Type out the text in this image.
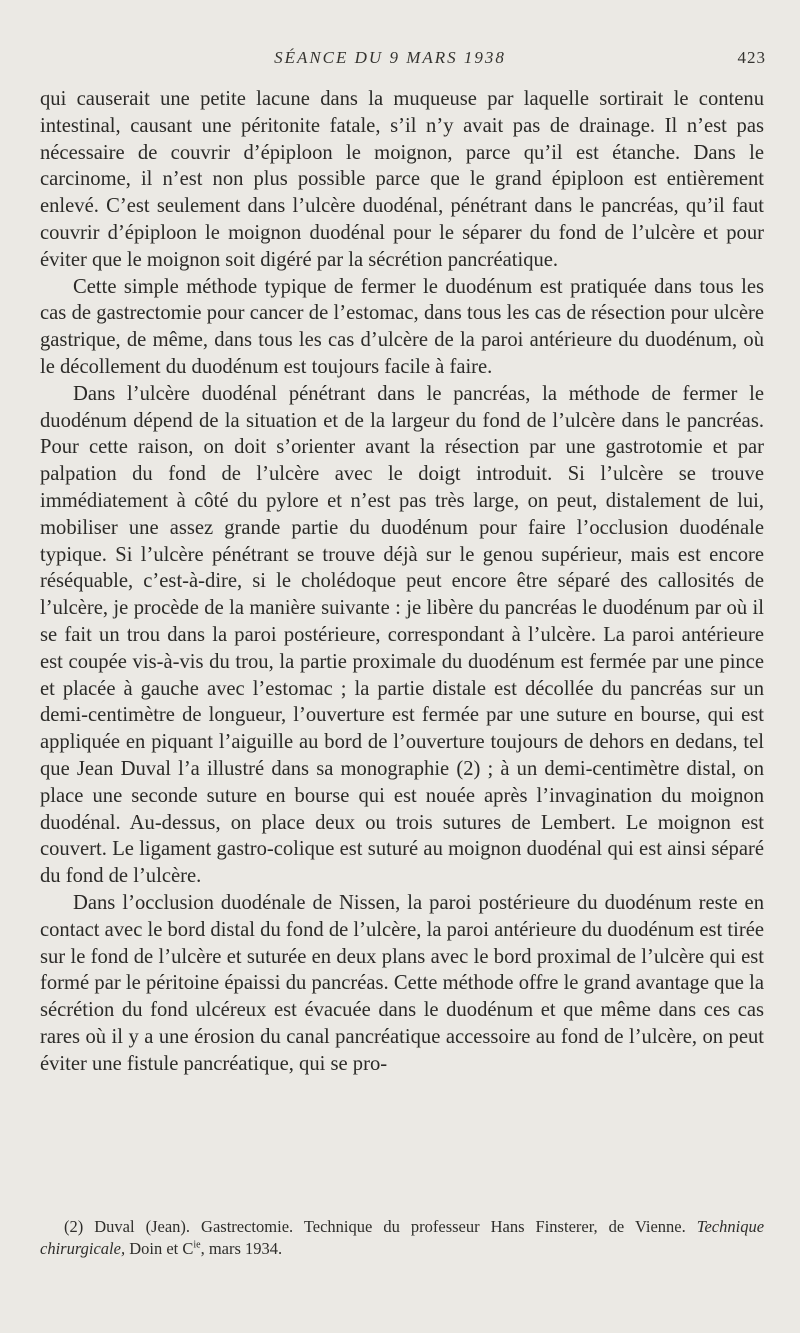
SÉANCE DU 9 MARS 1938	423

qui causerait une petite lacune dans la muqueuse par laquelle sortirait le contenu intestinal, causant une péritonite fatale, s’il n’y avait pas de drainage. Il n’est pas nécessaire de couvrir d’épiploon le moignon, parce qu’il est étanche. Dans le carcinome, il n’est non plus possible parce que le grand épiploon est entièrement enlevé. C’est seulement dans l’ulcère duodénal, pénétrant dans le pancréas, qu’il faut couvrir d’épiploon le moignon duodénal pour le séparer du fond de l’ulcère et pour éviter que le moignon soit digéré par la sécrétion pancréatique.

Cette simple méthode typique de fermer le duodénum est pratiquée dans tous les cas de gastrectomie pour cancer de l’estomac, dans tous les cas de résection pour ulcère gastrique, de même, dans tous les cas d’ulcère de la paroi antérieure du duodénum, où le décollement du duodénum est toujours facile à faire.

Dans l’ulcère duodénal pénétrant dans le pancréas, la méthode de fermer le duodénum dépend de la situation et de la largeur du fond de l’ulcère dans le pancréas. Pour cette raison, on doit s’orienter avant la résection par une gastrotomie et par palpation du fond de l’ulcère avec le doigt introduit. Si l’ulcère se trouve immédiatement à côté du pylore et n’est pas très large, on peut, distalement de lui, mobiliser une assez grande partie du duodénum pour faire l’occlusion duodénale typique. Si l’ulcère pénétrant se trouve déjà sur le genou supérieur, mais est encore réséquable, c’est-à-dire, si le cholédoque peut encore être séparé des callosités de l’ulcère, je procède de la manière suivante : je libère du pancréas le duodénum par où il se fait un trou dans la paroi postérieure, correspondant à l’ulcère. La paroi antérieure est coupée vis-à-vis du trou, la partie proximale du duodénum est fermée par une pince et placée à gauche avec l’estomac ; la partie distale est décollée du pancréas sur un demi-centimètre de longueur, l’ouverture est fermée par une suture en bourse, qui est appliquée en piquant l’aiguille au bord de l’ouverture toujours de dehors en dedans, tel que Jean Duval l’a illustré dans sa monographie (2) ; à un demi-centimètre distal, on place une seconde suture en bourse qui est nouée après l’invagination du moignon duodénal. Au-dessus, on place deux ou trois sutures de Lembert. Le moignon est couvert. Le ligament gastro-colique est suturé au moignon duodénal qui est ainsi séparé du fond de l’ulcère.

Dans l’occlusion duodénale de Nissen, la paroi postérieure du duodénum reste en contact avec le bord distal du fond de l’ulcère, la paroi antérieure du duodénum est tirée sur le fond de l’ulcère et suturée en deux plans avec le bord proximal de l’ulcère qui est formé par le péritoine épaissi du pancréas. Cette méthode offre le grand avantage que la sécrétion du fond ulcéreux est évacuée dans le duodénum et que même dans ces cas rares où il y a une érosion du canal pancréatique accessoire au fond de l’ulcère, on peut éviter une fistule pancréatique, qui se pro-

(2) Duval (Jean). Gastrectomie. Technique du professeur Hans Finsterer, de Vienne. Technique chirurgicale, Doin et $C^{ie}$, mars 1934.
